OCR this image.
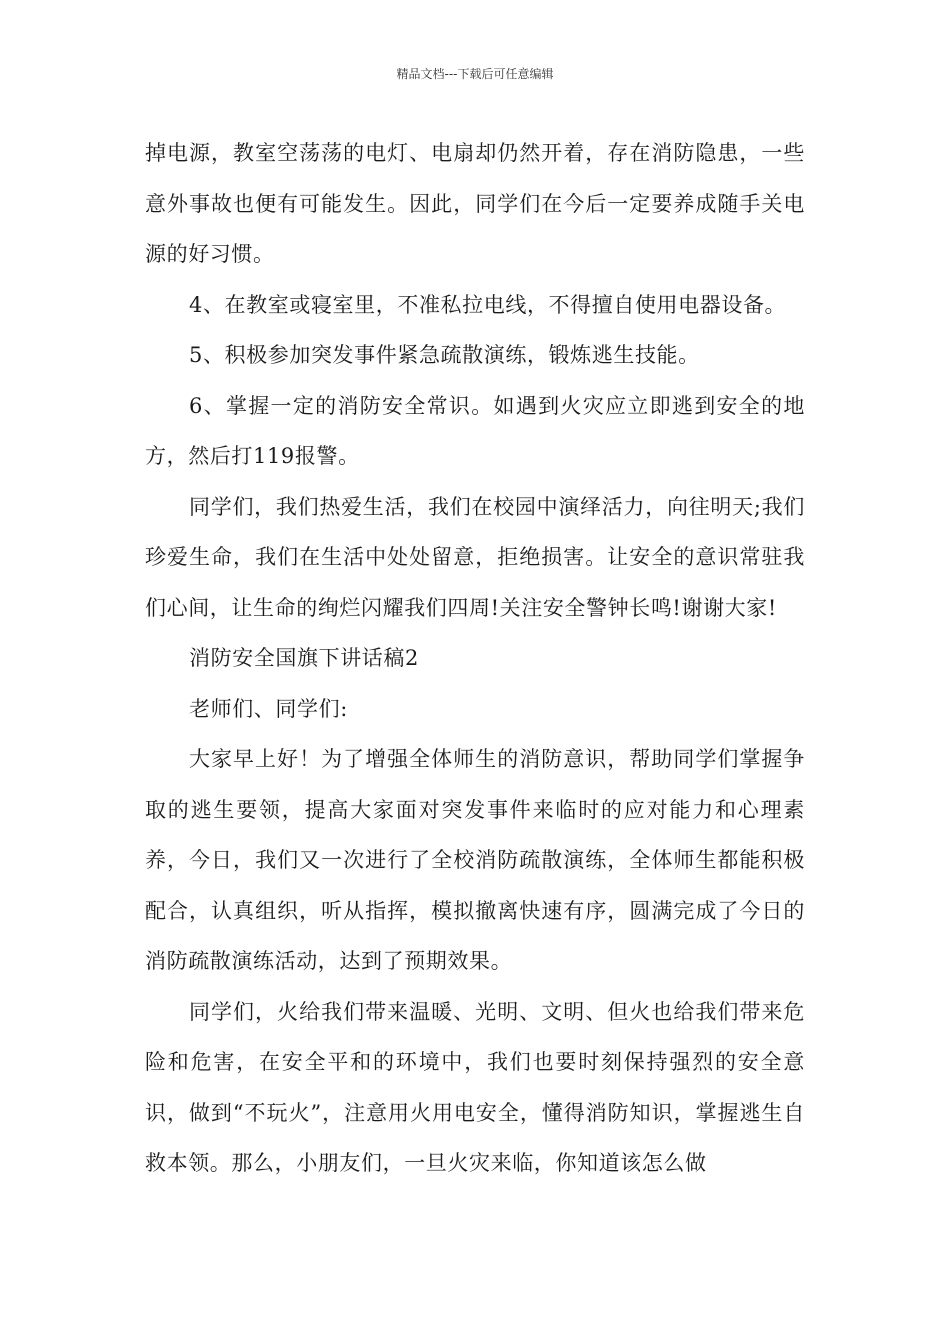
精品文档---下载后可任意编辑

掉电源，教室空荡荡的电灯、电扇却仍然开着，存在消防隐患，一些意外事故也便有可能发生。因此，同学们在今后一定要养成随手关电源的好习惯。

4、在教室或寝室里，不准私拉电线，不得擅自使用电器设备。

5、积极参加突发事件紧急疏散演练，锻炼逃生技能。

6、掌握一定的消防安全常识。如遇到火灾应立即逃到安全的地方，然后打119报警。

同学们，我们热爱生活，我们在校园中演绎活力，向往明天;我们珍爱生命，我们在生活中处处留意，拒绝损害。让安全的意识常驻我们心间，让生命的绚烂闪耀我们四周!关注安全警钟长鸣!谢谢大家!

消防安全国旗下讲话稿2

老师们、同学们:

大家早上好！为了增强全体师生的消防意识，帮助同学们掌握争取的逃生要领，提高大家面对突发事件来临时的应对能力和心理素养，今日，我们又一次进行了全校消防疏散演练，全体师生都能积极配合，认真组织，听从指挥，模拟撤离快速有序，圆满完成了今日的消防疏散演练活动，达到了预期效果。

同学们，火给我们带来温暖、光明、文明、但火也给我们带来危险和危害，在安全平和的环境中，我们也要时刻保持强烈的安全意识，做到“不玩火”，注意用火用电安全，懂得消防知识，掌握逃生自救本领。那么，小朋友们，一旦火灾来临，你知道该怎么做
